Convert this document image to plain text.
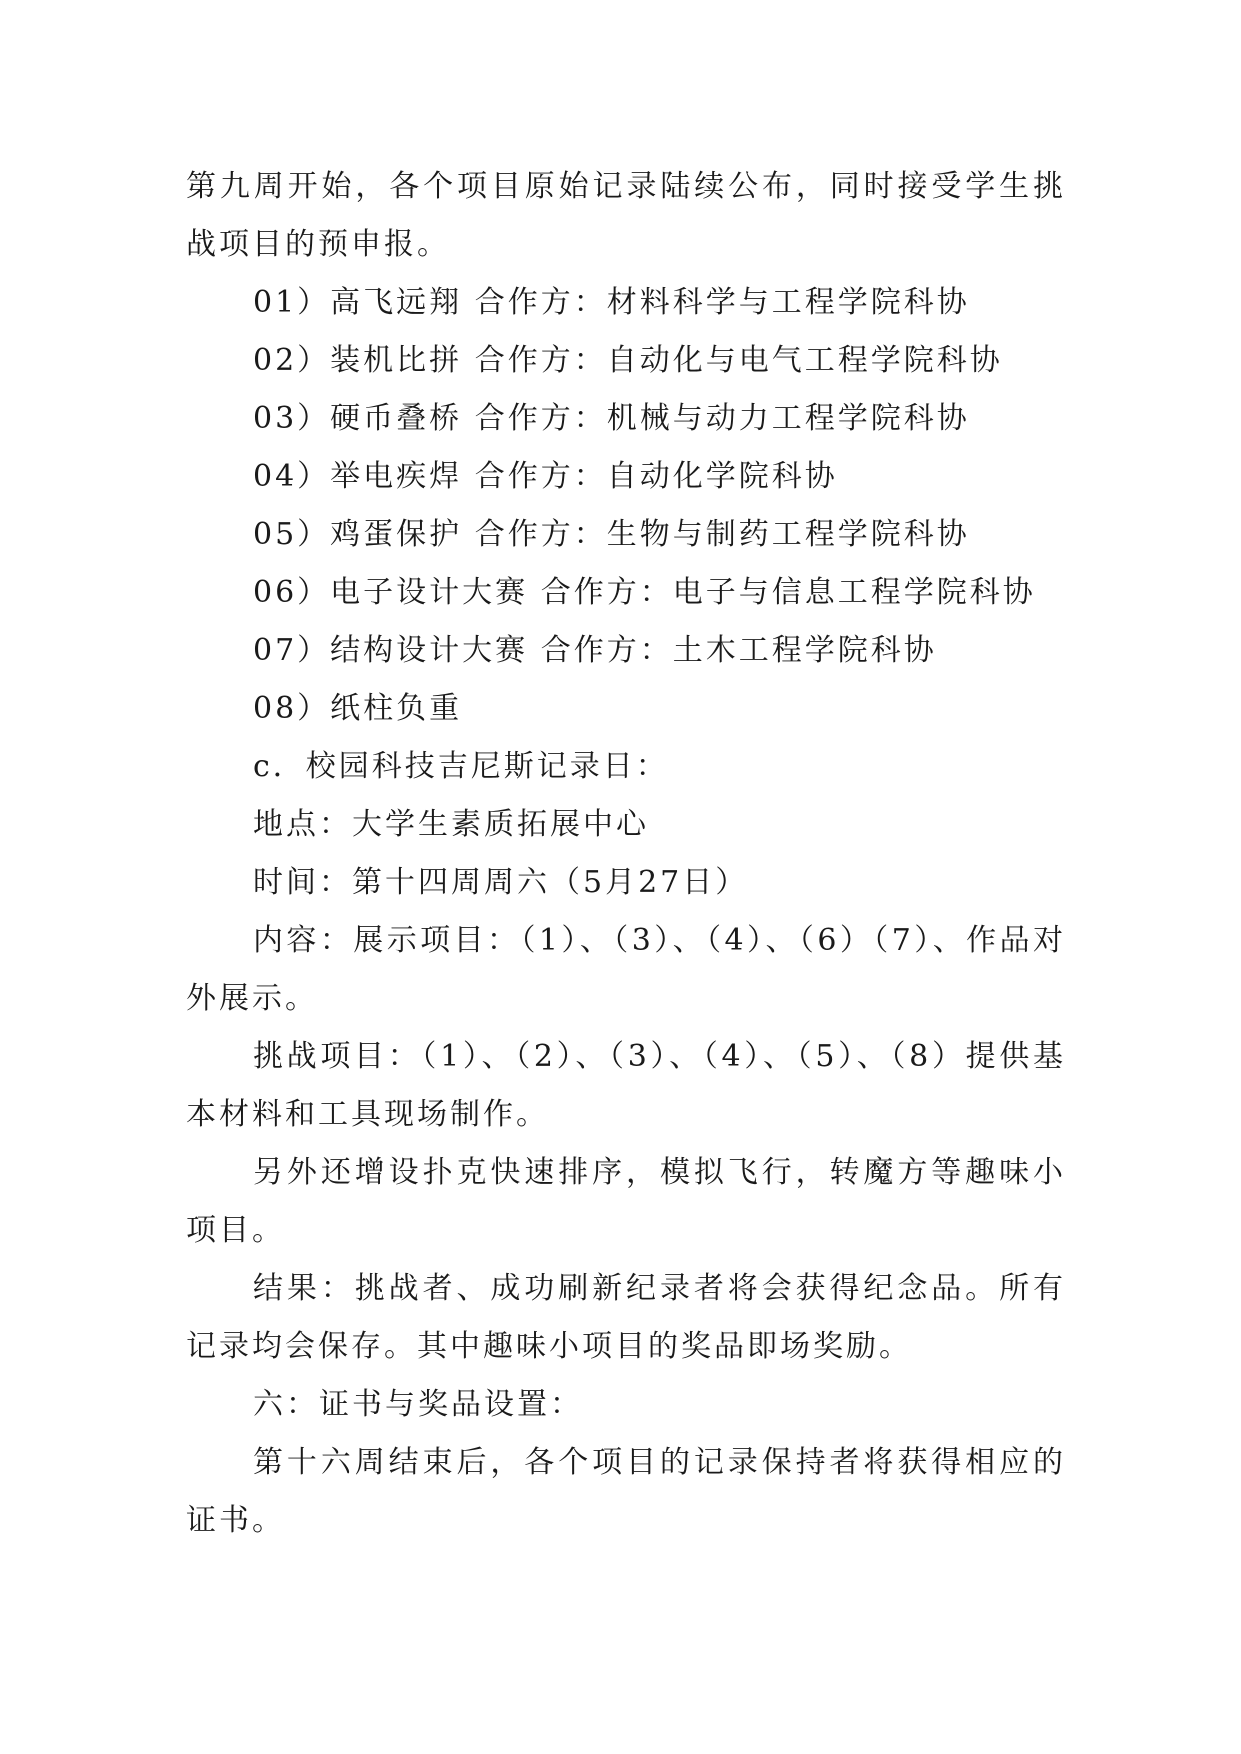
第九周开始，各个项目原始记录陆续公布，同时接受学生挑战项目的预申报。

01）高飞远翔 合作方：材料科学与工程学院科协

02）装机比拼 合作方：自动化与电气工程学院科协

03）硬币叠桥 合作方：机械与动力工程学院科协

04）举电疾焊 合作方：自动化学院科协

05）鸡蛋保护 合作方：生物与制药工程学院科协

06）电子设计大赛 合作方：电子与信息工程学院科协

07）结构设计大赛 合作方：土木工程学院科协

08）纸柱负重

c．校园科技吉尼斯记录日：

地点：大学生素质拓展中心

时间：第十四周周六（5月27日）

内容：展示项目：（1）、（3）、（4）、（6）（7）、作品对外展示。

挑战项目：（1）、（2）、（3）、（4）、（5）、（8）提供基本材料和工具现场制作。

另外还增设扑克快速排序，模拟飞行，转魔方等趣味小项目。

结果：挑战者、成功刷新纪录者将会获得纪念品。所有记录均会保存。其中趣味小项目的奖品即场奖励。

六：证书与奖品设置：

第十六周结束后，各个项目的记录保持者将获得相应的证书。
